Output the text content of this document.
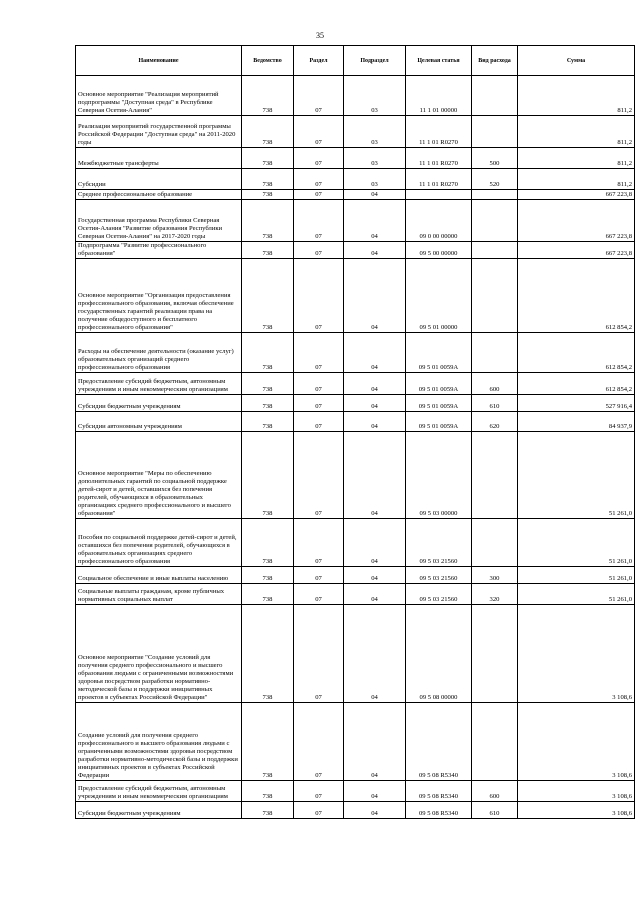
35
Наименование	Ведомство	Раздел	Подраздел	Целевая статья	Вид расхода	Сумма
Основное мероприятие "Реализация мероприятий подпрограммы "Доступная среда" в Республике Северная Осетия-Алания"	738	07	03	11 1 01 00000		811,2
Реализация мероприятий государственной программы Российской Федерации "Доступная среда" на 2011-2020 годы	738	07	03	11 1 01 R0270		811,2
Межбюджетные трансферты	738	07	03	11 1 01 R0270	500	811,2
Субсидии	738	07	03	11 1 01 R0270	520	811,2
Среднее профессиональное образование	738	07	04			667 223,8
Государственная программа Республики Северная Осетия-Алания "Развитие образования Республики Северная Осетия-Алания" на 2017-2020 годы	738	07	04	09 0 00 00000		667 223,8
Подпрограмма "Развитие профессионального образования"	738	07	04	09 5 00 00000		667 223,8
Основное мероприятие "Организация предоставления профессионального образования, включая обеспечение государственных гарантий реализации права на получение общедоступного и бесплатного профессионального образования"	738	07	04	09 5 01 00000		612 854,2
Расходы на обеспечение деятельности (оказание услуг) образовательных организаций среднего профессионального образования	738	07	04	09 5 01 0059А		612 854,2
Предоставление субсидий бюджетным, автономным учреждениям и иным некоммерческим организациям	738	07	04	09 5 01 0059А	600	612 854,2
Субсидии бюджетным учреждениям	738	07	04	09 5 01 0059А	610	527 916,4
Субсидии автономным учреждениям	738	07	04	09 5 01 0059А	620	84 937,9
Основное мероприятие "Меры по обеспечению дополнительных гарантий по социальной поддержке детей-сирот и детей, оставшихся без попечения родителей, обучающихся в образовательных организациях среднего профессионального и высшего образования"	738	07	04	09 5 03 00000		51 261,0
Пособия по социальной поддержке детей-сирот и детей, оставшихся без попечения родителей, обучающихся в образовательных организациях среднего профессионального образования	738	07	04	09 5 03 21560		51 261,0
Социальное обеспечение и иные выплаты населению	738	07	04	09 5 03 21560	300	51 261,0
Социальные выплаты гражданам, кроме публичных нормативных социальных выплат	738	07	04	09 5 03 21560	320	51 261,0
Основное мероприятие "Создание условий для получения среднего профессионального и высшего образования людьми с ограниченными возможностями здоровья посредством разработки нормативно-методической базы и поддержки инициативных проектов в субъектах Российской Федерации"	738	07	04	09 5 08 00000		3 108,6
Создание условий для получения среднего профессионального и высшего образования людьми с ограниченными возможностями здоровья посредством разработки нормативно-методической базы и поддержки инициативных проектов в субъектах Российской Федерации	738	07	04	09 5 08 R5340		3 108,6
Предоставление субсидий бюджетным, автономным учреждениям и иным некоммерческим организациям	738	07	04	09 5 08 R5340	600	3 108,6
Субсидии бюджетным учреждениям	738	07	04	09 5 08 R5340	610	3 108,6
